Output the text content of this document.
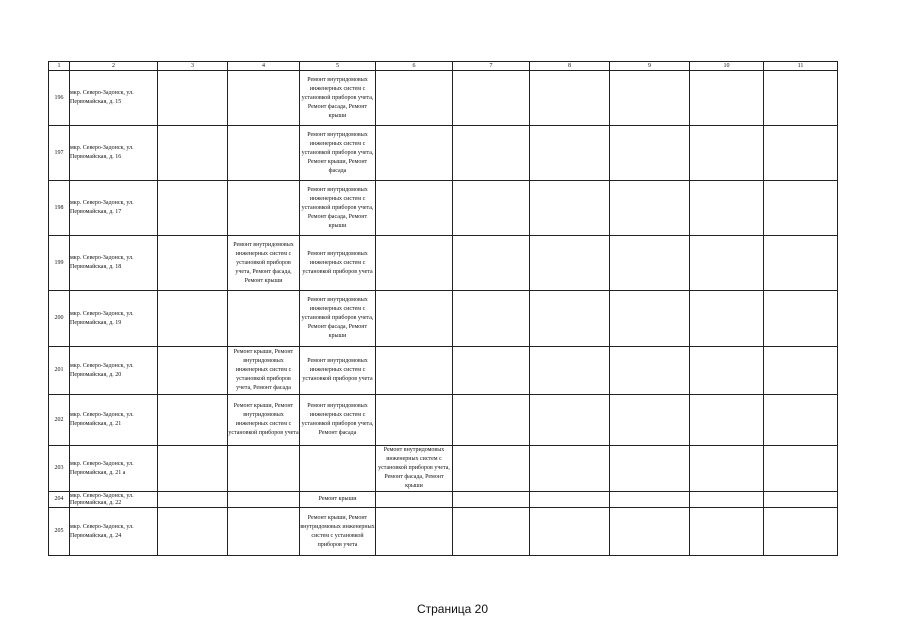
1	2	3	4	5	6	7	8	9	10	11
196	мкр. Северо-Задонск, ул. Первомайская, д. 15			Ремонт внутридомовых инженерных систем с установкой приборов учета, Ремонт фасада, Ремонт крыши						
197	мкр. Северо-Задонск, ул. Первомайская, д. 16			Ремонт внутридомовых инженерных систем с установкой приборов учета, Ремонт крыши, Ремонт фасада						
198	мкр. Северо-Задонск, ул. Первомайская, д. 17			Ремонт внутридомовых инженерных систем с установкой приборов учета, Ремонт фасада, Ремонт крыши						
199	мкр. Северо-Задонск, ул. Первомайская, д. 18		Ремонт внутридомовых инженерных систем с установкой приборов учета, Ремонт фасада, Ремонт крыши	Ремонт внутридомовых инженерных систем с установкой приборов учета						
200	мкр. Северо-Задонск, ул. Первомайская, д. 19			Ремонт внутридомовых инженерных систем с установкой приборов учета, Ремонт фасада, Ремонт крыши						
201	мкр. Северо-Задонск, ул. Первомайская, д. 20		Ремонт крыши, Ремонт внутридомовых инженерных систем с установкой приборов учета, Ремонт фасада	Ремонт внутридомовых инженерных систем с установкой приборов учета						
202	мкр. Северо-Задонск, ул. Первомайская, д. 21		Ремонт крыши, Ремонт внутридомовых инженерных систем с установкой приборов учета	Ремонт внутридомовых инженерных систем с установкой приборов учета, Ремонт фасада						
203	мкр. Северо-Задонск, ул. Первомайская, д. 21 а				Ремонт внутридомовых инженерных систем с установкой приборов учета, Ремонт фасада, Ремонт крыши					
204	мкр. Северо-Задонск, ул. Первомайская, д. 22			Ремонт крыши						
205	мкр. Северо-Задонск, ул. Первомайская, д. 24			Ремонт крыши, Ремонт внутридомовых инженерных систем с установкой приборов учета						
Страница 20
